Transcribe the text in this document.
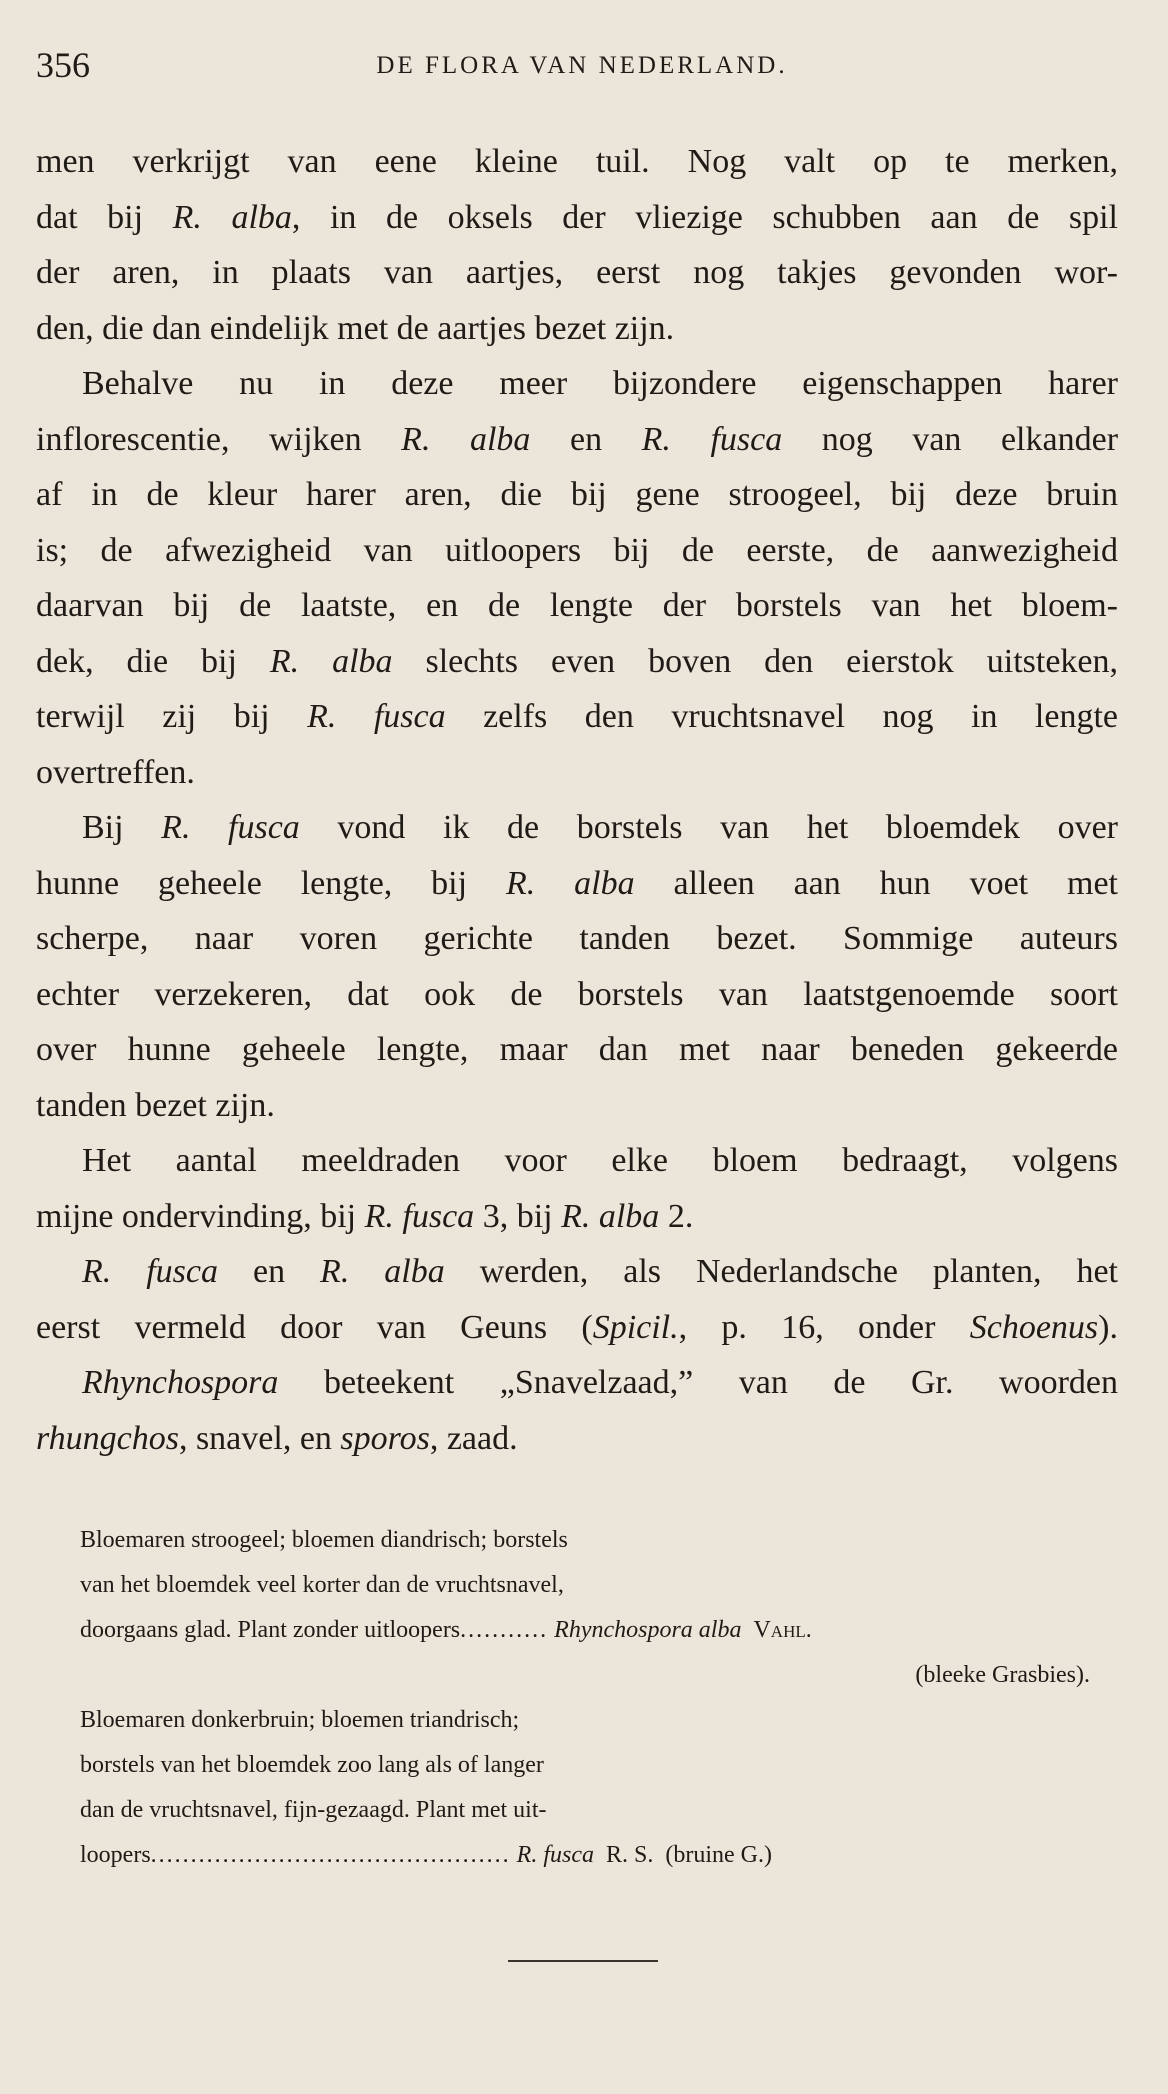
356	DE FLORA VAN NEDERLAND.

men verkrijgt van eene kleine tuil. Nog valt op te merken,
dat bij R. alba, in de oksels der vliezige schubben aan de spil
der aren, in plaats van aartjes, eerst nog takjes gevonden wor-
den, die dan eindelijk met de aartjes bezet zijn.

Behalve nu in deze meer bijzondere eigenschappen harer
inflorescentie, wijken R. alba en R. fusca nog van elkander
af in de kleur harer aren, die bij gene stroogeel, bij deze bruin
is; de afwezigheid van uitloopers bij de eerste, de aanwezigheid
daarvan bij de laatste, en de lengte der borstels van het bloem-
dek, die bij R. alba slechts even boven den eierstok uitsteken,
terwijl zij bij R. fusca zelfs den vruchtsnavel nog in lengte
overtreffen.

Bij R. fusca vond ik de borstels van het bloemdek over
hunne geheele lengte, bij R. alba alleen aan hun voet met
scherpe, naar voren gerichte tanden bezet. Sommige auteurs
echter verzekeren, dat ook de borstels van laatstgenoemde soort
over hunne geheele lengte, maar dan met naar beneden gekeerde
tanden bezet zijn.

Het aantal meeldraden voor elke bloem bedraagt, volgens
mijne ondervinding, bij R. fusca 3, bij R. alba 2.

R. fusca en R. alba werden, als Nederlandsche planten, het
eerst vermeld door van Geuns (Spicil., p. 16, onder Schoenus).

Rhynchospora beteekent „Snavelzaad,” van de Gr. woorden
rhungchos, snavel, en sporos, zaad.

Bloemaren stroogeel; bloemen diandrisch; borstels
van het bloemdek veel korter dan de vruchtsnavel,
doorgaans glad. Plant zonder uitloopers........... Rhynchospora alba Vahl.
(bleeke Grasbies).
Bloemaren donkerbruin; bloemen triandrisch;
borstels van het bloemdek zoo lang als of langer
dan de vruchtsnavel, fijn-gezaagd. Plant met uit-
loopers............................................. R. fusca R. S. (bruine G.)
